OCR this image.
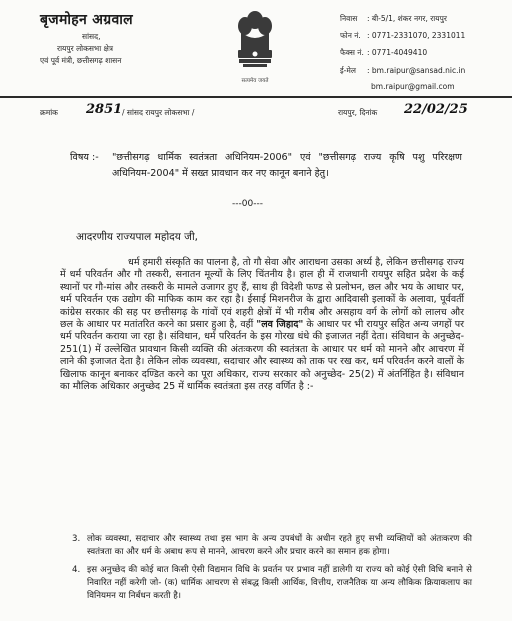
बृजमोहन अग्रवाल
सांसद,
रायपुर लोकसभा क्षेत्र
एवं पूर्व मंत्री, छत्तीसगढ़ शासन
सत्यमेव जयते
निवास : बी-5/1, शंकर नगर, रायपुर
फोन नं. : 0771-2331070, 2331011
फैक्स नं. : 0771-4049410
ई-मेल : bm.raipur@sansad.nic.in
bm.raipur@gmail.com
क्रमांक 2851 / सांसद रायपुर लोकसभा /	रायपुर, दिनांक 22/02/25
विषय :- "छत्तीसगढ़ धार्मिक स्वतंत्रता अधिनियम-2006" एवं "छत्तीसगढ़ राज्य कृषि पशु परिरक्षण अधिनियम-2004" में सख्त प्रावधान कर नए कानून बनाने हेतु।
---00---
आदरणीय राज्यपाल महोदय जी,
धर्म हमारी संस्कृति का पालना है, तो गौ सेवा और आराधना उसका अर्ध्य है, लेकिन छत्तीसगढ़ राज्य में धर्म परिवर्तन और गौ तस्करी, सनातन मूल्यों के लिए चिंतनीय है। हाल ही में राजधानी रायपुर सहित प्रदेश के कई स्थानों पर गौ-मांस और तस्करी के मामले उजागर हुए हैं, साथ ही विदेशी फण्ड से प्रलोभन, छल और भय के आधार पर, धर्म परिवर्तन एक उद्योग की माफिक काम कर रहा है। ईसाई मिशनरीज के द्वारा आदिवासी इलाकों के अलावा, पूर्ववर्ती कांग्रेस सरकार की सह पर छत्तीसगढ़ के गांवों एवं शहरी क्षेत्रों में भी गरीब और असहाय वर्ग के लोगों को लालच और छल के आधार पर मतांतरित करने का प्रसार हुआ है, वहीं "लव जिहाद" के आधार पर भी रायपुर सहित अन्य जगहों पर धर्म परिवर्तन कराया जा रहा है। संविधान, धर्म परिवर्तन के इस गोरख धंधे की इजाजत नहीं देता। संविधान के अनुच्छेद- 251(1) में उल्लेखित प्रावधान किसी व्यक्ति की अंतःकरण की स्वतंत्रता के आधार पर धर्म को मानने और आचरण में लाने की इजाजत देता है। लेकिन लोक व्यवस्था, सदाचार और स्वास्थ्य को ताक पर रख कर, धर्म परिवर्तन करने वालों के खिलाफ कानून बनाकर दण्डित करने का पूरा अधिकार, राज्य सरकार को अनुच्छेद- 25(2) में अंतर्निहित है। संविधान का मौलिक अधिकार अनुच्छेद 25 में धार्मिक स्वतंत्रता इस तरह वर्णित है :-
3. लोक व्यवस्था, सदाचार और स्वास्थ्य तथा इस भाग के अन्य उपबंधों के अधीन रहते हुए सभी व्यक्तियों को अंतःकरण की स्वतंत्रता का और धर्म के अबाध रूप से मानने, आचरण करने और प्रचार करने का समान हक होगा।
4. इस अनुच्छेद की कोई बात किसी ऐसी विद्यमान विधि के प्रवर्तन पर प्रभाव नहीं डालेगी या राज्य को कोई ऐसी विधि बनाने से निवारित नहीं करेगी जो- (क) धार्मिक आचरण से संबद्ध किसी आर्थिक, वित्तीय, राजनैतिक या अन्य लौकिक क्रियाकलाप का विनियमन या निर्बंधन करती है।
